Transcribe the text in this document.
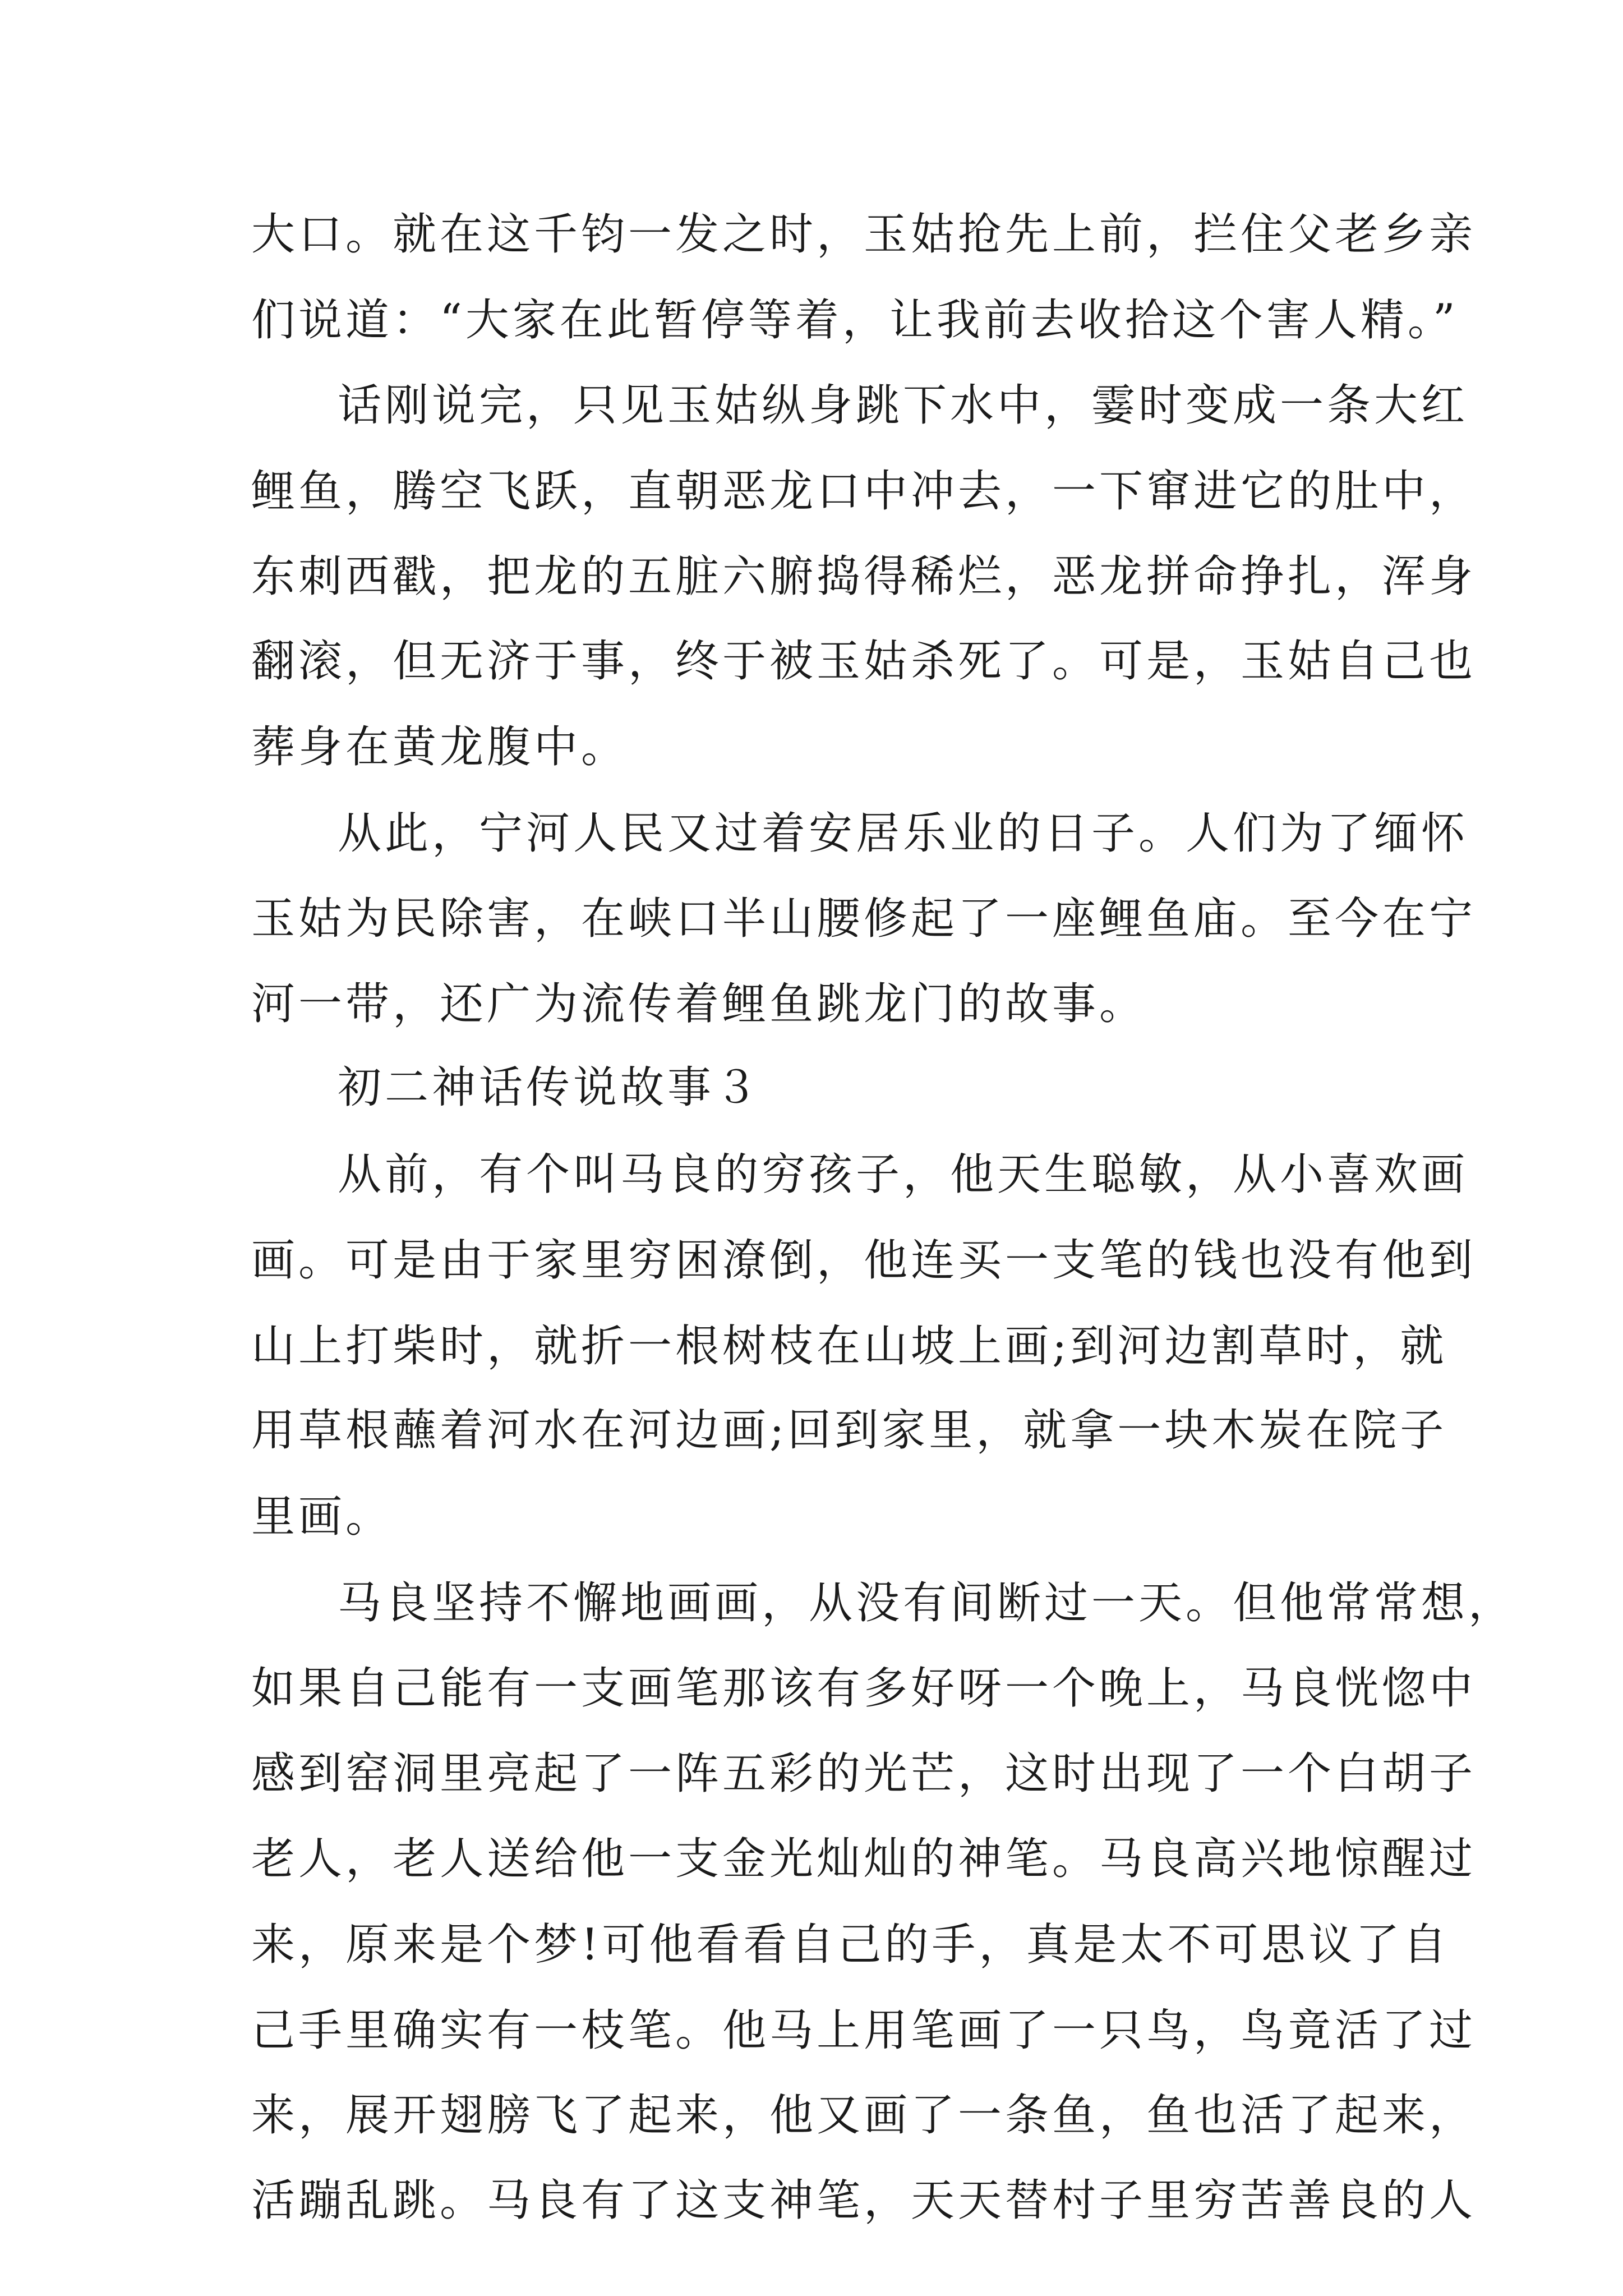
大口。就在这千钧一发之时，玉姑抢先上前，拦住父老乡亲

们说道：“大家在此暂停等着，让我前去收拾这个害人精。”

话刚说完，只见玉姑纵身跳下水中，霎时变成一条大红

鲤鱼，腾空飞跃，直朝恶龙口中冲去，一下窜进它的肚中，

东刺西戳，把龙的五脏六腑捣得稀烂，恶龙拼命挣扎，浑身

翻滚，但无济于事，终于被玉姑杀死了。可是，玉姑自己也

葬身在黄龙腹中。

从此，宁河人民又过着安居乐业的日子。人们为了缅怀

玉姑为民除害，在峡口半山腰修起了一座鲤鱼庙。至今在宁

河一带，还广为流传着鲤鱼跳龙门的故事。

初二神话传说故事３

从前，有个叫马良的穷孩子，他天生聪敏，从小喜欢画

画。可是由于家里穷困潦倒，他连买一支笔的钱也没有他到

山上打柴时，就折一根树枝在山坡上画;到河边割草时，就

用草根蘸着河水在河边画;回到家里，就拿一块木炭在院子

里画。

马良坚持不懈地画画，从没有间断过一天。但他常常想，

如果自己能有一支画笔那该有多好呀一个晚上，马良恍惚中

感到窑洞里亮起了一阵五彩的光芒，这时出现了一个白胡子

老人，老人送给他一支金光灿灿的神笔。马良高兴地惊醒过

来，原来是个梦!可他看看自己的手，真是太不可思议了自

己手里确实有一枝笔。他马上用笔画了一只鸟，鸟竟活了过

来，展开翅膀飞了起来，他又画了一条鱼，鱼也活了起来，

活蹦乱跳。马良有了这支神笔，天天替村子里穷苦善良的人
